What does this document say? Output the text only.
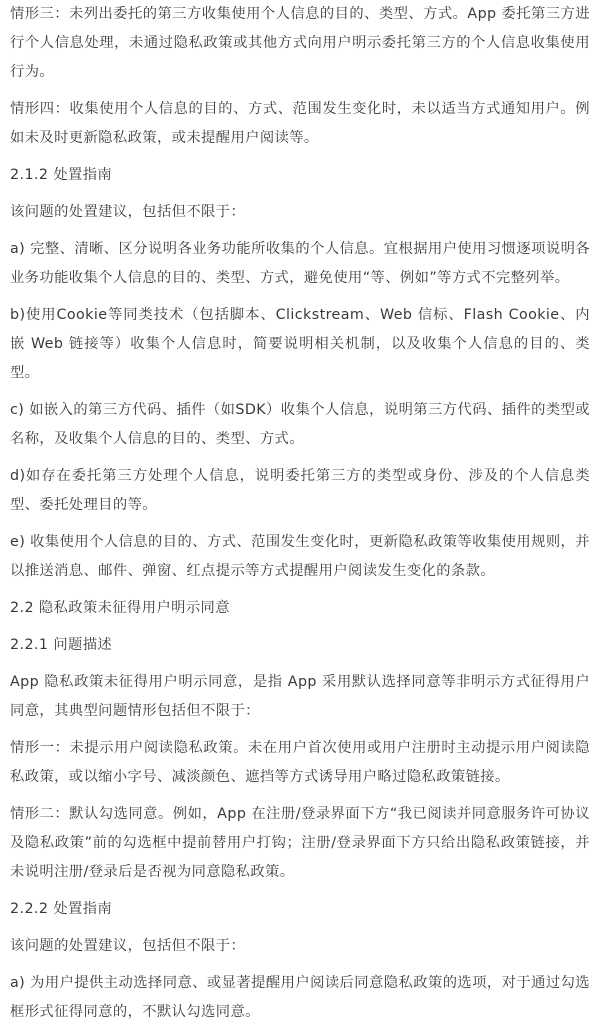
情形三：未列出委托的第三方收集使用个人信息的目的、类型、方式。App 委托第三方进行个人信息处理，未通过隐私政策或其他方式向用户明示委托第三方的个人信息收集使用行为。

情形四：收集使用个人信息的目的、方式、范围发生变化时，未以适当方式通知用户。例如未及时更新隐私政策，或未提醒用户阅读等。

2.1.2 处置指南

该问题的处置建议，包括但不限于：

a) 完整、清晰、区分说明各业务功能所收集的个人信息。宜根据用户使用习惯逐项说明各业务功能收集个人信息的目的、类型、方式，避免使用“等、例如”等方式不完整列举。

b)使用Cookie等同类技术（包括脚本、Clickstream、Web 信标、Flash Cookie、内嵌 Web 链接等）收集个人信息时，简要说明相关机制，以及收集个人信息的目的、类型。

c) 如嵌入的第三方代码、插件（如SDK）收集个人信息，说明第三方代码、插件的类型或名称，及收集个人信息的目的、类型、方式。

d)如存在委托第三方处理个人信息，说明委托第三方的类型或身份、涉及的个人信息类型、委托处理目的等。

e) 收集使用个人信息的目的、方式、范围发生变化时，更新隐私政策等收集使用规则，并以推送消息、邮件、弹窗、红点提示等方式提醒用户阅读发生变化的条款。

2.2 隐私政策未征得用户明示同意

2.2.1 问题描述

App 隐私政策未征得用户明示同意，是指 App 采用默认选择同意等非明示方式征得用户同意，其典型问题情形包括但不限于：

情形一：未提示用户阅读隐私政策。未在用户首次使用或用户注册时主动提示用户阅读隐私政策，或以缩小字号、减淡颜色、遮挡等方式诱导用户略过隐私政策链接。

情形二：默认勾选同意。例如，App 在注册/登录界面下方“我已阅读并同意服务许可协议及隐私政策”前的勾选框中提前替用户打钩；注册/登录界面下方只给出隐私政策链接，并未说明注册/登录后是否视为同意隐私政策。

2.2.2 处置指南

该问题的处置建议，包括但不限于：

a) 为用户提供主动选择同意、或显著提醒用户阅读后同意隐私政策的选项，对于通过勾选框形式征得同意的，不默认勾选同意。
